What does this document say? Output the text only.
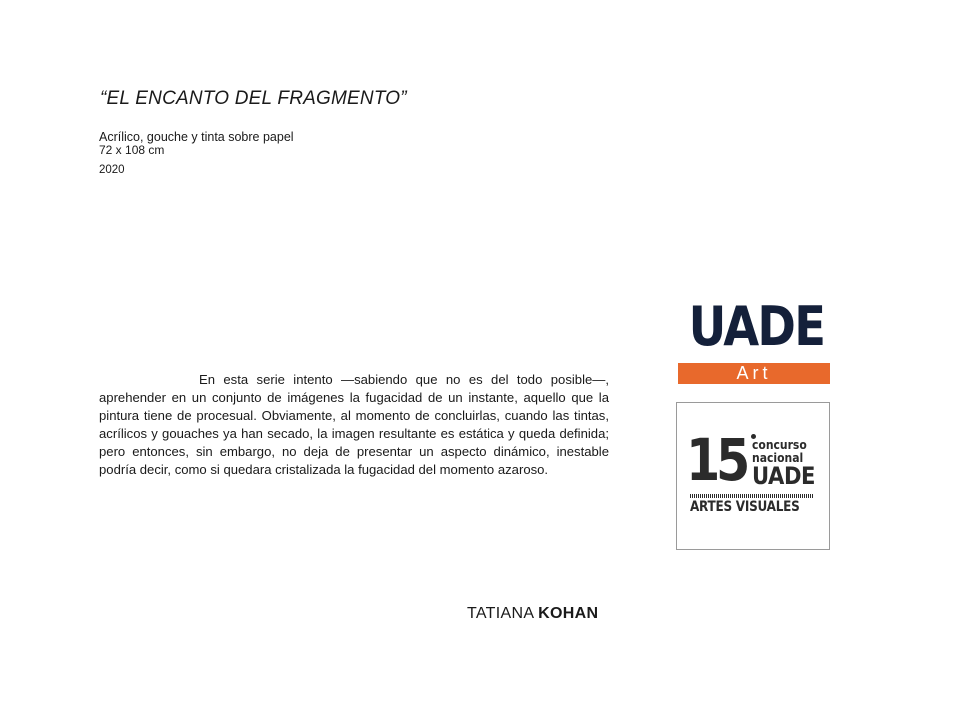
“EL ENCANTO DEL FRAGMENTO”
Acrílico, gouche y tinta sobre papel
72 x 108 cm
2020

En esta serie intento —sabiendo que no es del todo posible—, aprehender en un conjunto de imágenes la fugacidad de un instante, aquello que la pintura tiene de procesual. Obviamente, al momento de concluirlas, cuando las tintas, acrílicos y gouaches ya han secado, la imagen resultante es estática y queda definida; pero entonces, sin embargo, no deja de presentar un aspecto dinámico, inestable podría decir, como si quedara cristalizada la fugacidad del momento azaroso.

TATIANA KOHAN
UADE
Art
15 concurso
nacional
UADE
ARTES VISUALES
